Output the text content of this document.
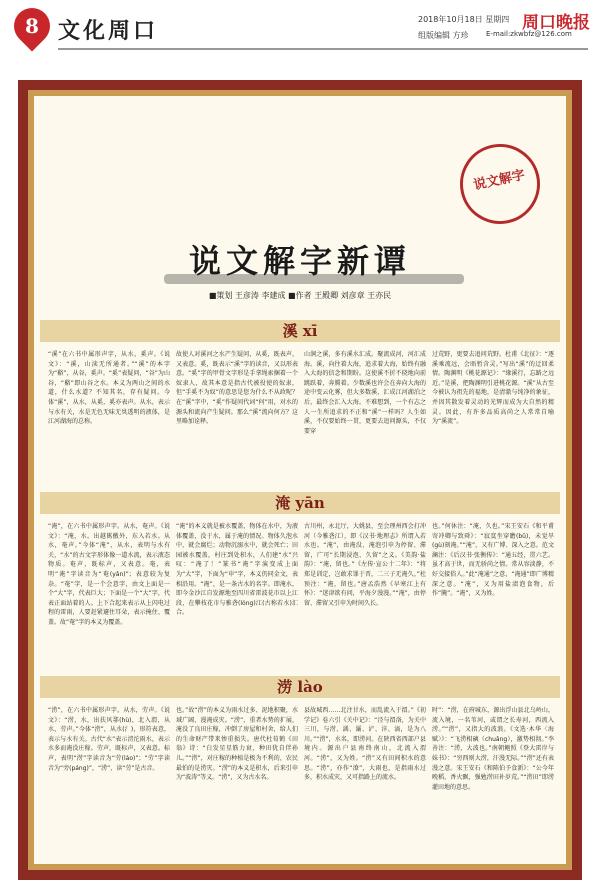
8 文化周口	2018年10月18日 星期四 周口晚报
组版编辑 方珍 E-mail:zkwbfz@126.com
说文解字新谭
说文解字
■策划 王彦涛 李建成 ■作者 王殿卿 刘彦章 王亦民
溪 xī
“溪”在六书中属形声字，从水，奚声。《说文》：“溪，山渎无所通者。”“溪”的本字为“谿”，从谷，奚声。“奚”表疑问，“谷”为山谷，“谿”即山谷之水。本义为两山之间的水道，什么水道？不知其名，存有疑问。今体“溪”，从水，从奚，奚亦表声。从水，表示与水有关，水是无色无味无臭透明的液体，是江河湖海的总称。
故使人对溪河之水产生疑问，从奚，既表声，又表意。奚，既表示“溪”字的读音，又以形表意。“奚”字的甲骨文字形是手拿绳索捆着一个奴隶人，故其本意是指古代被役使的奴隶，但“手奚不为奴”的意思是您为什么不从政呢？在“溪”字中，“奚”作疑问代词“何”用，对水的源头和流向产生疑问。那么“溪”流向何方？这里略加诠释。
山涧之溪，多有溪水汇成。聚流成河，河汇成海。溪，向往着大海，追求着大海，始终有融入大海的信念和期盼。这使溪不折不挠地向前跳跃着，奔腾着。少数溪也许会在奔向大海的途中变云化雾，但大多数溪，汇成江河湖泊之后，最终会汇入大海。不难想到，一个有志之人一生所追求的不正和“溪”一样吗？人生如溪，不仅要始终一贯，更要去追问源头，不仅要穿
过荒野，更要去追问荒野。杜甫《北征》：“逐溪乘流远，会晤暂含灵。”写出“溪”的迂回柔情。陶渊明《桃花源记》：“缘溪行，忘路之远近。”是溪，把陶渊明引进桃花源。“溪”从古至今被认为祖先的福地，是清澈与纯净的象征，并因其散发着灵动的光辉而成为大自然的精灵。因此，有许多品质高尚之人常常自喻为“溪流”。
淹 yān
“淹”，在六书中属形声字。从水，奄声。《说文》：“淹，水。出越嶲徼外，东入若水。从水，奄声。”今体“淹”，从水，表明与水有关，“水”的古文字形体像一道水流，表示液态物质。奄声，既标声，又表意。奄，表明“淹”字读音为“奄(yǎn)”；表意较为复杂。“奄”字，是一个会意字，由文上面是一个“大”字，代表巨大；下面是一个“大”字，代表正面站着的人。上下合起来表示从上闪电过程的雷雨，人要赶紧避住耳朵，表示掩住、覆盖。故“奄”字的本义为覆盖。
“淹”的本义就是被水覆盖，物体在水中，为液体覆盖，没于水，属于淹的情况。物体久泡水中，就会腐烂；动物沉溺水中，就会死亡；田园被水覆盖，村庄到处积水，人们建“水”兴叹：“淹了！”篆书“淹”字演变成上面为“大”字，下面为“申”字，本义仍同金文，表相沿用。“淹”，是一条古水的名字。即淹水，即今金沙江自发源地至四川省雷波花市以上江段，在攀枝花市与雅砻(lóng)江(古称若水)汇合。
古川州，永北厅，大姚县，至会理州西会打冲河（今雅砻江），即《汉书·地理志》所谓入若水也。“淹”，由淹没、淹泡引申为停留、滞留，广可“长期浸泡，久留”之义。《美韵·盐韵》：“淹，留也。”《左传·宣公十二年》：“将郑是训定，岂敢求罪于晋，二三子无淹久。”杜预注：“淹，留也。”唐孟浩然《早寒江上有怀》：“迷津欲有问，平海夕漫漫。”“淹”，由停留、滞留又引申为时间久长。
也。”何休注：“淹，久也。”宋王安石《和平甫寄冲卿与致舜》：“寂寞坐穿瞻(bǔ)，未觉旱(gù)刻淹。”“淹”，又有广博、深入之意。范文澜注：《后汉书·张衡传》：“通五经，贯六艺。虽才高于世，而无骄尚之情。常从容淡静，不好交接俗人。”此“淹通”之意，“淹通”即广博精深之意。“淹”，又为用盐渍泡食物，后作“腌”。“淹”，又为姓。
涝 lào
“涝”，在六书中属形声字，从水，劳声。《说文》：“涝，水，出扶风鄠(hù)，北入渭，从水，劳声。”今体“涝”，从水(氵)，形符表意，表示与水有关。古代“水”表示滂沱雨水，表示水多而淹没庄稼。劳声，既标声，又表意。标声，表明“涝”字读音为“劳(láo)”；“劳”字读音为“旁(páng)”，“涝”，读“劳”是古音。
也。”故“涝”的本义为雨水过多、泥地积聚，水域广阔，漫淹成灾。“涝”，重者水势的扩展，淹没了良田庄稼，冲倒了房屋和村舍，给人们的生命财产带来惨重损失。唐代杜荀鹤《田翁》诗：“白发星星筋力衰，种田犹自伴孙儿。”“涝”，对庄稼的种植是极为不利的，农民最怕的是涝灾。“涝”的本义是积水，后来引申为“波涛”等义。“涝”，又为古水名。
县故城西……北注甘水，而乱流入于渭。”《初学记》卷六引《关中记》：“泾与渭洛，为关中三川，与涝、潏、灞、浐、沣、滈，是为八川。”“涝”，水名，即涝河。在陕西省西部户县境内。源出户县南终南山，北流入渭河。“涝”，又为姓。“涝”又有田间积水的意思。“涝”，亦作“潦”，大雨也，是指雨水过多，积水成灾，又可指路上的流水。
时”：“涝，在府城东，源出浮山县北乌岭山，流入境，一名苇河，或谓之长寿河，西流入涝。”“涝”，又指大的波浪。《文选·木华〈海赋〉》：“飞涝相磢（chuǎng），激势相沏。”李善注：“涝，大波也。”南朝鲍照《登大雷岸与妹书》：“穷西则大涝，汗漫无际。”“涝”还有表漫之意。宋王安石《和陈伯予食新》：“公今年晚稻，香火飘，强勉涝田补岁荒。”“涝田”即涝灌田地的意思。
